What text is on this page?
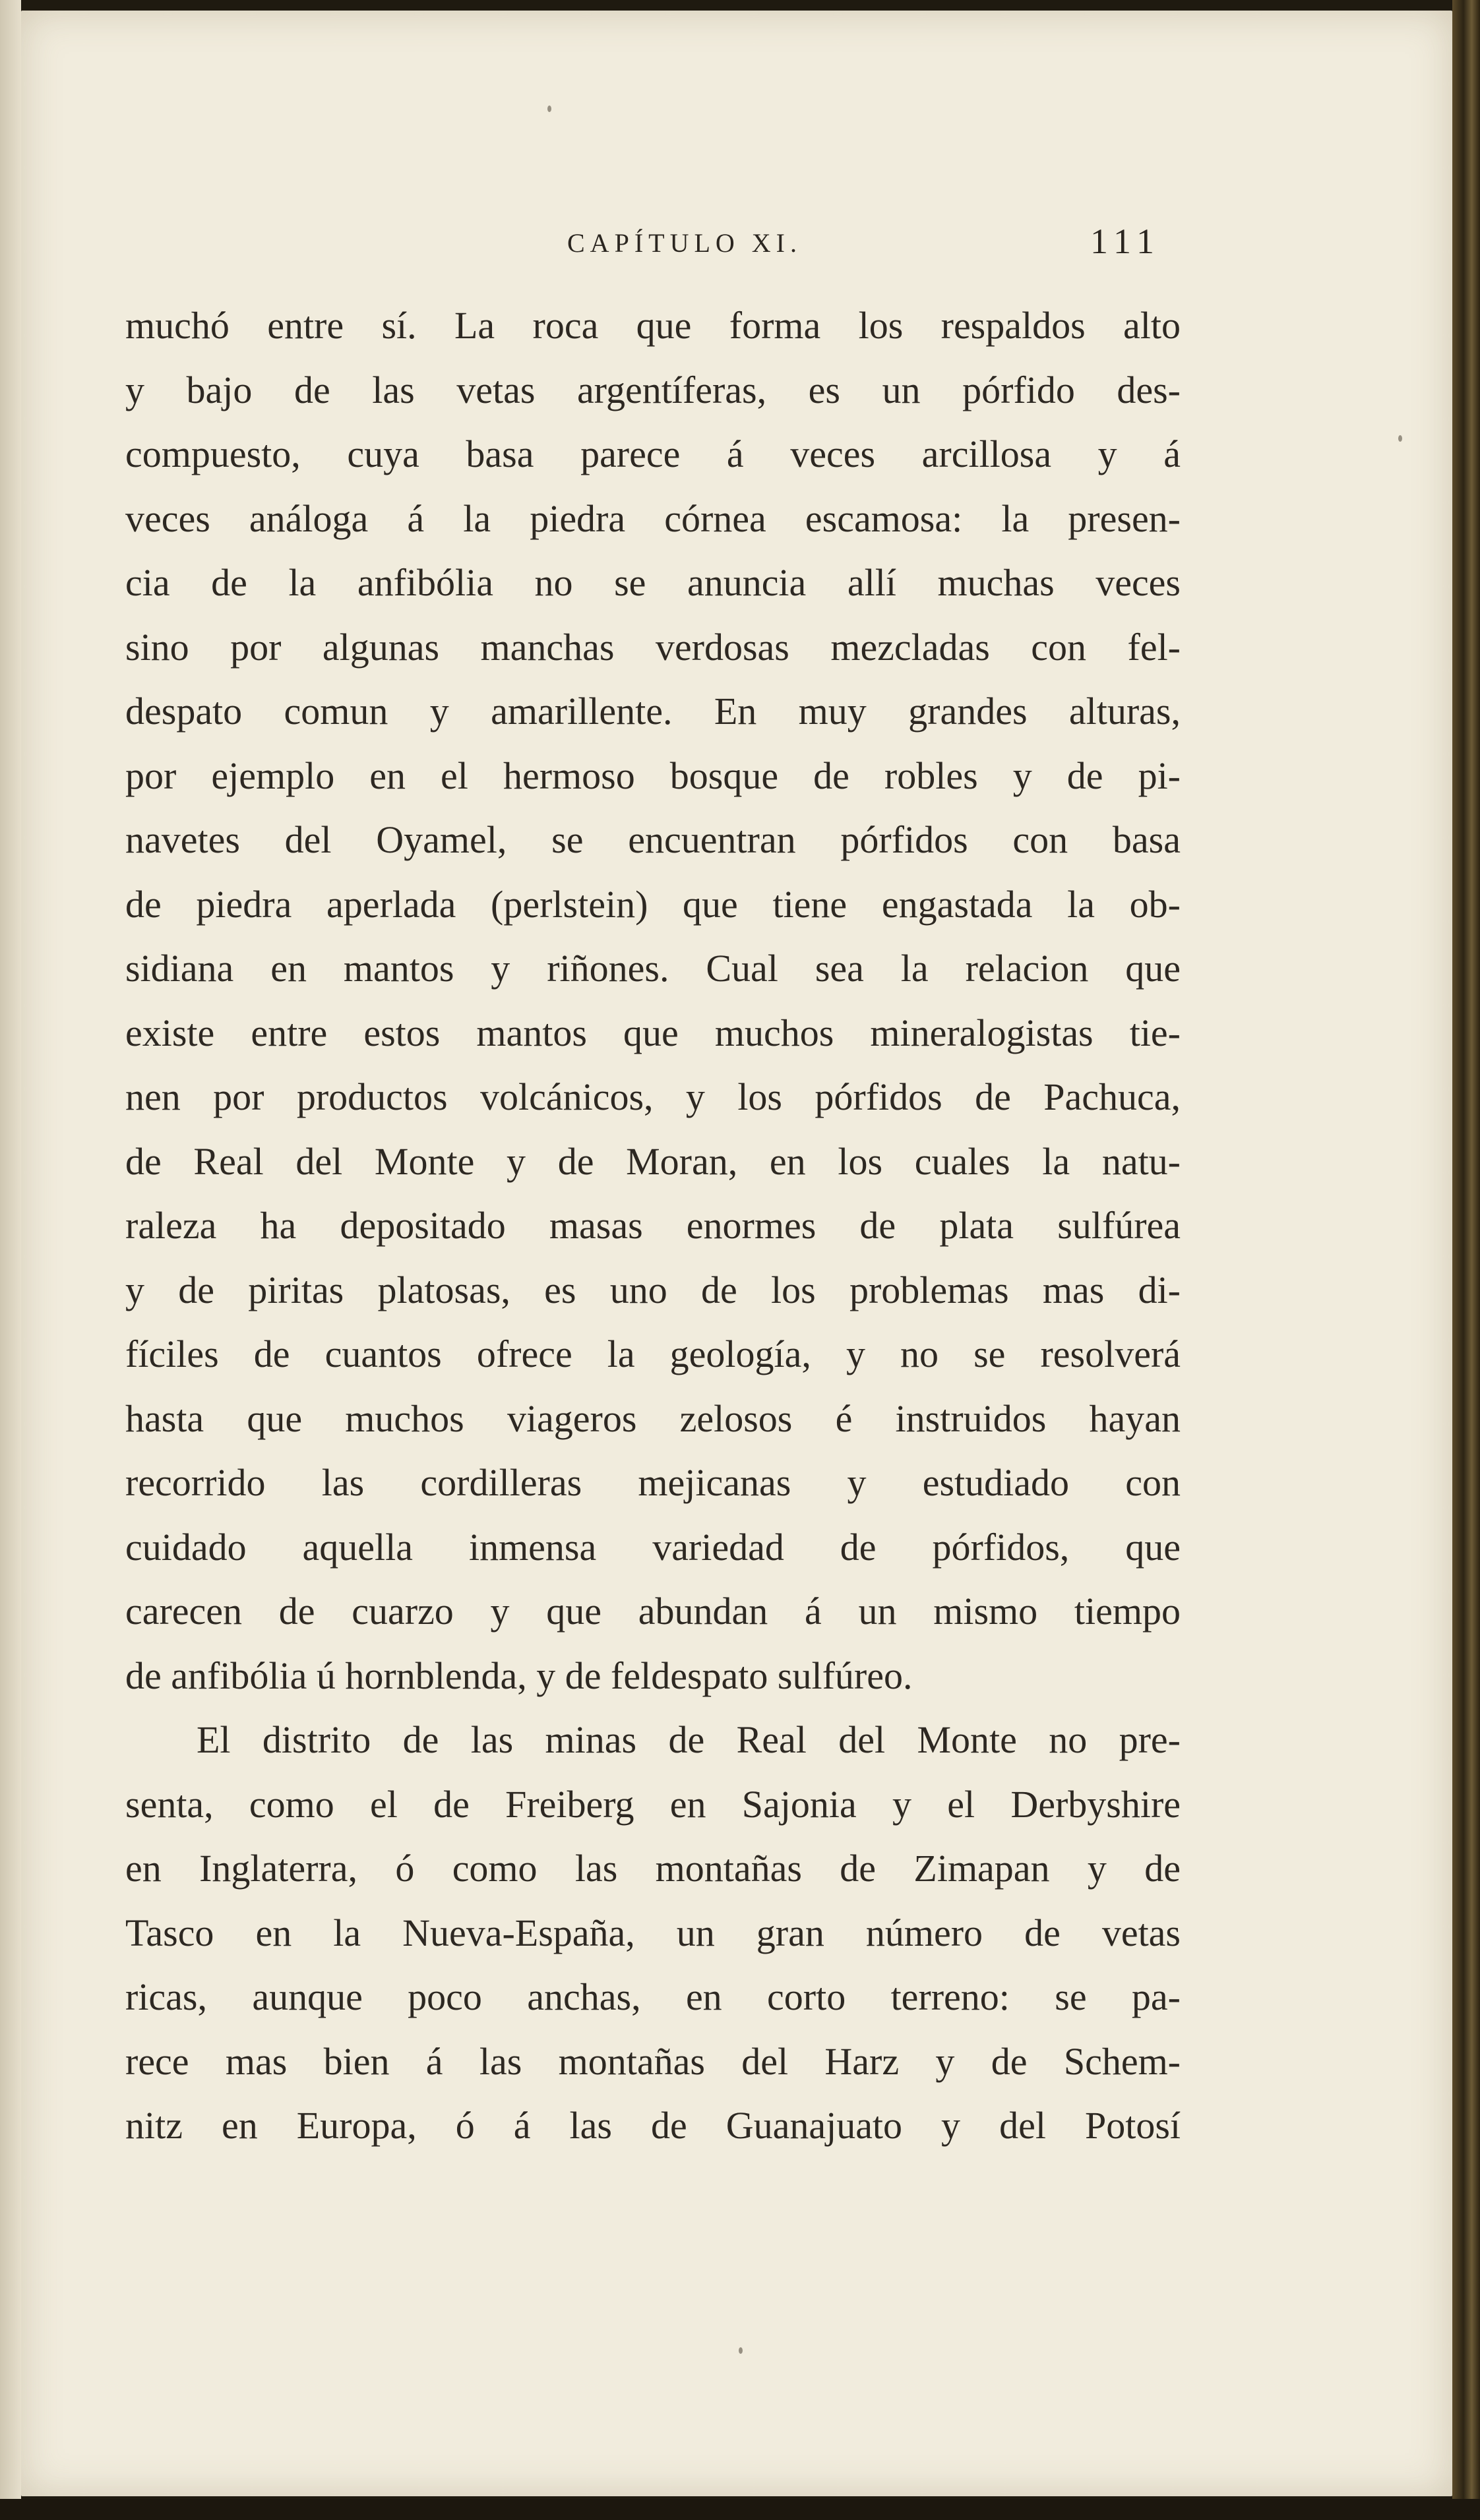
CAPÍTULO XI.	111
muchó entre sí. La roca que forma los respaldos alto
y bajo de las vetas argentíferas, es un pórfido des-
compuesto, cuya basa parece á veces arcillosa y á
veces análoga á la piedra córnea escamosa: la presen-
cia de la anfibólia no se anuncia allí muchas veces
sino por algunas manchas verdosas mezcladas con fel-
despato comun y amarillente. En muy grandes alturas,
por ejemplo en el hermoso bosque de robles y de pi-
navetes del Oyamel, se encuentran pórfidos con basa
de piedra aperlada (perlstein) que tiene engastada la ob-
sidiana en mantos y riñones. Cual sea la relacion que
existe entre estos mantos que muchos mineralogistas tie-
nen por productos volcánicos, y los pórfidos de Pachuca,
de Real del Monte y de Moran, en los cuales la natu-
raleza ha depositado masas enormes de plata sulfúrea
y de piritas platosas, es uno de los problemas mas di-
fíciles de cuantos ofrece la geología, y no se resolverá
hasta que muchos viageros zelosos é instruidos hayan
recorrido las cordilleras mejicanas y estudiado con
cuidado aquella inmensa variedad de pórfidos, que
carecen de cuarzo y que abundan á un mismo tiempo
de anfibólia ú hornblenda, y de feldespato sulfúreo.
El distrito de las minas de Real del Monte no pre-
senta, como el de Freiberg en Sajonia y el Derbyshire
en Inglaterra, ó como las montañas de Zimapan y de
Tasco en la Nueva-España, un gran número de vetas
ricas, aunque poco anchas, en corto terreno: se pa-
rece mas bien á las montañas del Harz y de Schem-
nitz en Europa, ó á las de Guanajuato y del Potosí
